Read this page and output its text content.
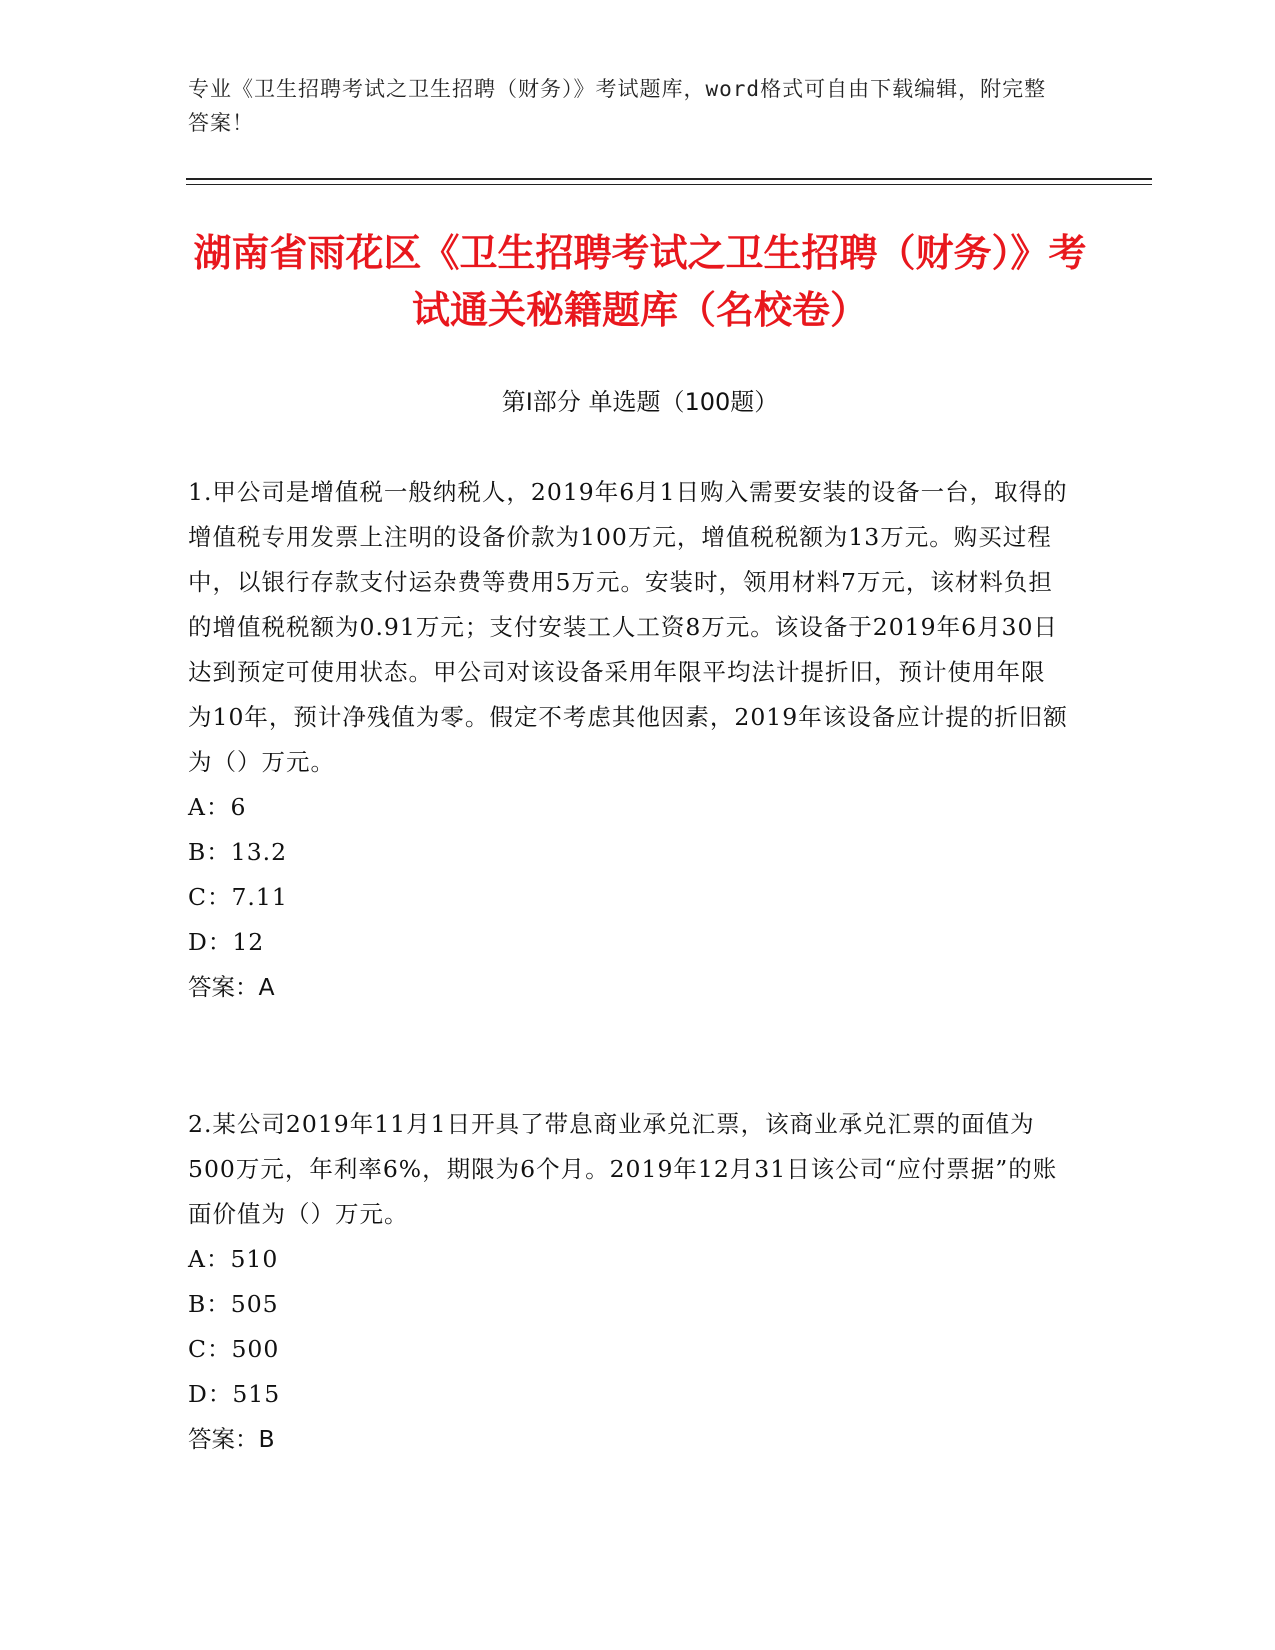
专业《卫生招聘考试之卫生招聘（财务）》考试题库，word格式可自由下载编辑，附完整答案！
湖南省雨花区《卫生招聘考试之卫生招聘（财务）》考试通关秘籍题库（名校卷）
第Ⅰ部分 单选题（100题）

1.甲公司是增值税一般纳税人，2019年6月1日购入需要安装的设备一台，取得的增值税专用发票上注明的设备价款为100万元，增值税税额为13万元。购买过程中，以银行存款支付运杂费等费用5万元。安装时，领用材料7万元，该材料负担的增值税税额为0.91万元；支付安装工人工资8万元。该设备于2019年6月30日达到预定可使用状态。甲公司对该设备采用年限平均法计提折旧，预计使用年限为10年，预计净残值为零。假定不考虑其他因素，2019年该设备应计提的折旧额为（）万元。

A：6

B：13.2

C：7.11

D：12

答案：A

2.某公司2019年11月1日开具了带息商业承兑汇票，该商业承兑汇票的面值为500万元，年利率6%，期限为6个月。2019年12月31日该公司“应付票据”的账面价值为（）万元。

A：510

B：505

C：500

D：515

答案：B
